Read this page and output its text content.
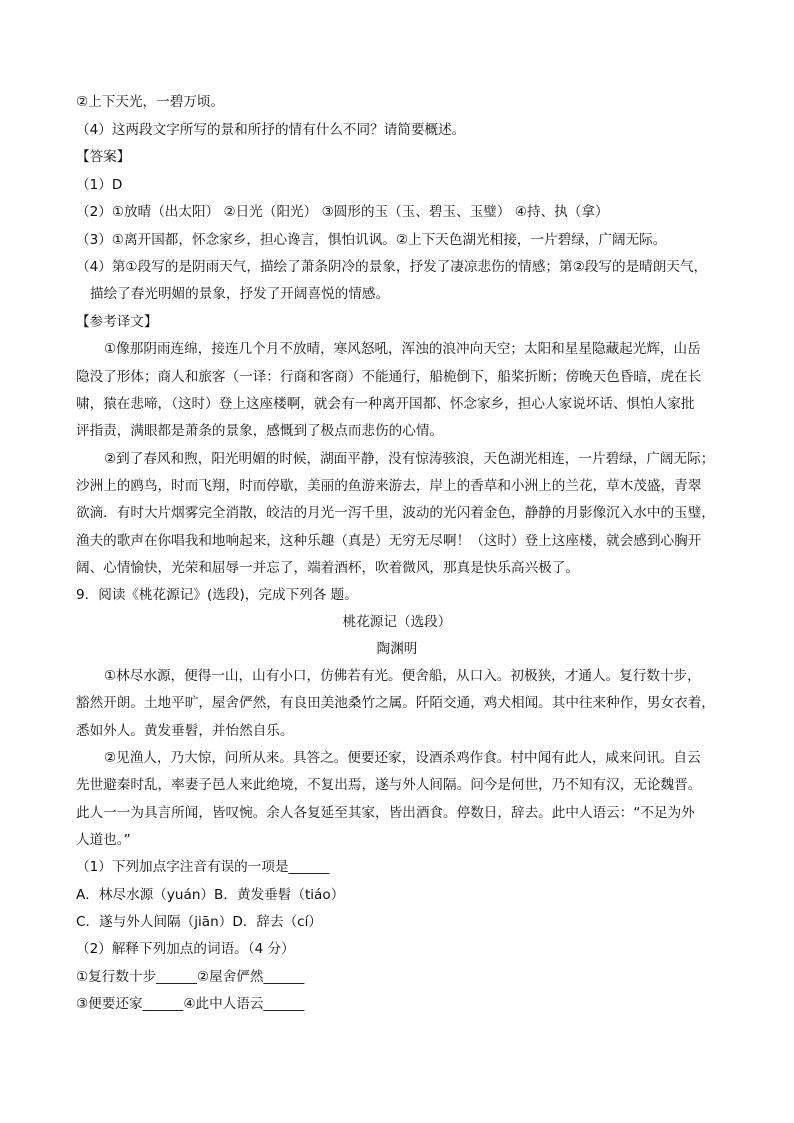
②上下天光，一碧万顷。

（4）这两段文字所写的景和所抒的情有什么不同？请简要概述。

【答案】

（1）D

（2）①放晴（出太阳） ②日光（阳光） ③圆形的玉（玉、碧玉、玉璧） ④持、执（拿）

（3）①离开国都，怀念家乡，担心谗言，惧怕讥讽。②上下天色湖光相接，一片碧绿，广阔无际。

（4）第①段写的是阴雨天气，描绘了萧条阴冷的景象，抒发了凄凉悲伤的情感；第②段写的是晴朗天气，

描绘了春光明媚的景象，抒发了开阔喜悦的情感。

【参考译文】

①像那阴雨连绵，接连几个月不放晴，寒风怒吼，浑浊的浪冲向天空；太阳和星星隐藏起光辉，山岳

隐没了形体；商人和旅客（一译：行商和客商）不能通行，船桅倒下，船桨折断；傍晚天色昏暗，虎在长

啸，猿在悲啼，（这时）登上这座楼啊，就会有一种离开国都、怀念家乡，担心人家说坏话、惧怕人家批

评指责，满眼都是萧条的景象，感慨到了极点而悲伤的心情。

②到了春风和煦，阳光明媚的时候，湖面平静，没有惊涛骇浪，天色湖光相连，一片碧绿，广阔无际；

沙洲上的鸥鸟，时而飞翔，时而停歇，美丽的鱼游来游去，岸上的香草和小洲上的兰花，草木茂盛，青翠

欲滴．有时大片烟雾完全消散，皎洁的月光一泻千里，波动的光闪着金色，静静的月影像沉入水中的玉璧，

渔夫的歌声在你唱我和地响起来，这种乐趣（真是）无穷无尽啊！（这时）登上这座楼，就会感到心胸开

阔、心情愉快，光荣和屈辱一并忘了，端着酒杯，吹着微风，那真是快乐高兴极了。

9．阅读《桃花源记》(选段)，完成下列各 题。

桃花源记（选段）

陶渊明

①林尽水源，便得一山，山有小口，仿佛若有光。便舍船，从口入。初极狭，才通人。复行数十步，

豁然开朗。土地平旷，屋舍俨然，有良田美池桑竹之属。阡陌交通，鸡犬相闻。其中往来种作，男女衣着，

悉如外人。黄发垂髫，并怡然自乐。

②见渔人，乃大惊，问所从来。具答之。便要还家，设酒杀鸡作食。村中闻有此人，咸来问讯。自云

先世避秦时乱，率妻子邑人来此绝境，不复出焉，遂与外人间隔。问今是何世，乃不知有汉，无论魏晋。

此人一一为具言所闻，皆叹惋。余人各复延至其家，皆出酒食。停数日，辞去。此中人语云：“不足为外

人道也。”

（1）下列加点字注音有误的一项是______

A．林尽水源（yuán）B．黄发垂髫（tiáo）

C．遂与外人间隔（jiān）D．辞去（cí）

（2）解释下列加点的词语。（4 分）

①复行数十步______②屋舍俨然______

③便要还家______④此中人语云______
